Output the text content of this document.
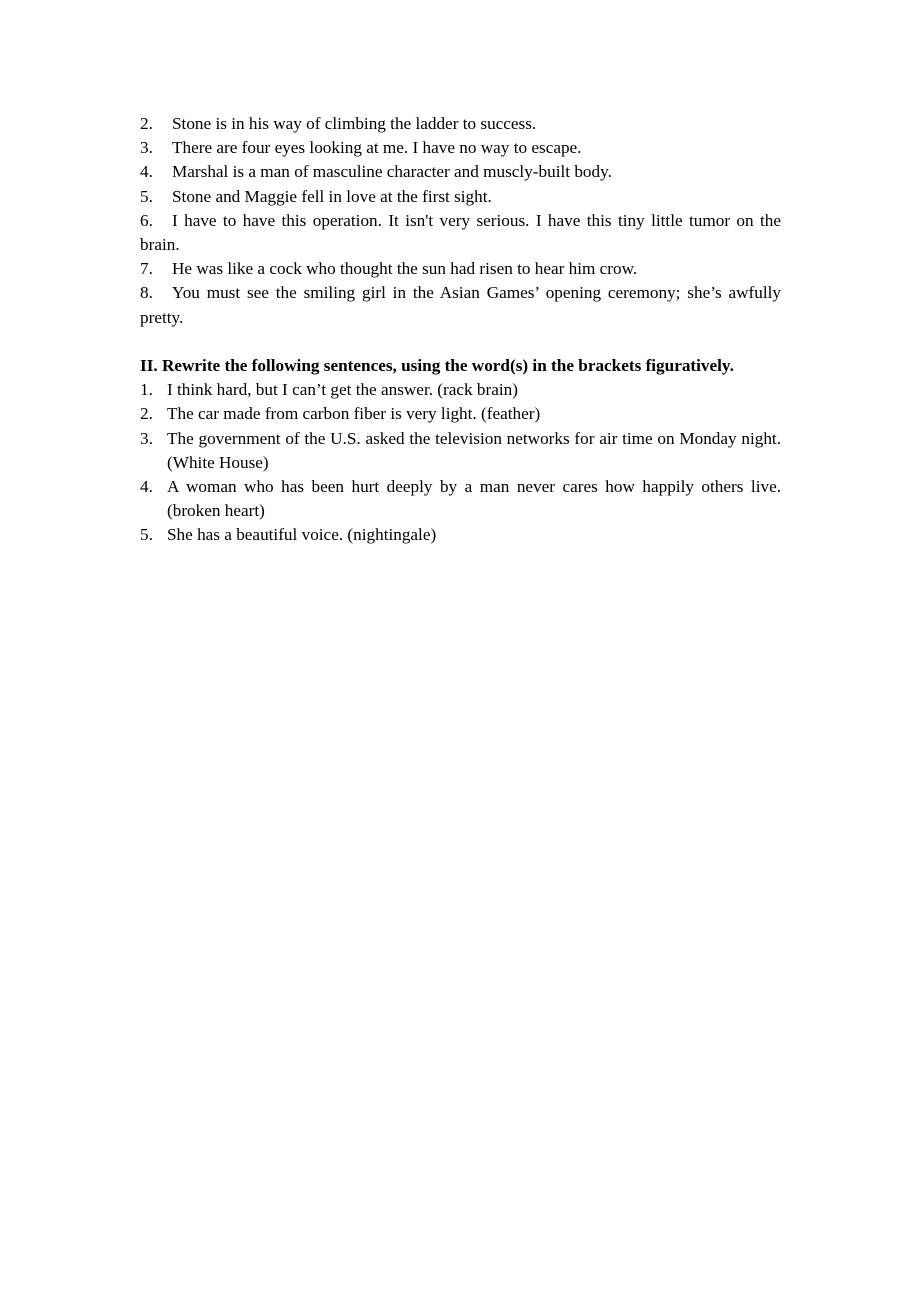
2. Stone is in his way of climbing the ladder to success.
3. There are four eyes looking at me. I have no way to escape.
4. Marshal is a man of masculine character and muscly-built body.
5. Stone and Maggie fell in love at the first sight.
6. I have to have this operation. It isn't very serious. I have this tiny little tumor on the brain.
7. He was like a cock who thought the sun had risen to hear him crow.
8. You must see the smiling girl in the Asian Games’ opening ceremony; she’s awfully pretty.
II. Rewrite the following sentences, using the word(s) in the brackets figuratively.
1. I think hard, but I can’t get the answer. (rack brain)
2. The car made from carbon fiber is very light. (feather)
3. The government of the U.S. asked the television networks for air time on Monday night. (White House)
4. A woman who has been hurt deeply by a man never cares how happily others live. (broken heart)
5. She has a beautiful voice. (nightingale)
